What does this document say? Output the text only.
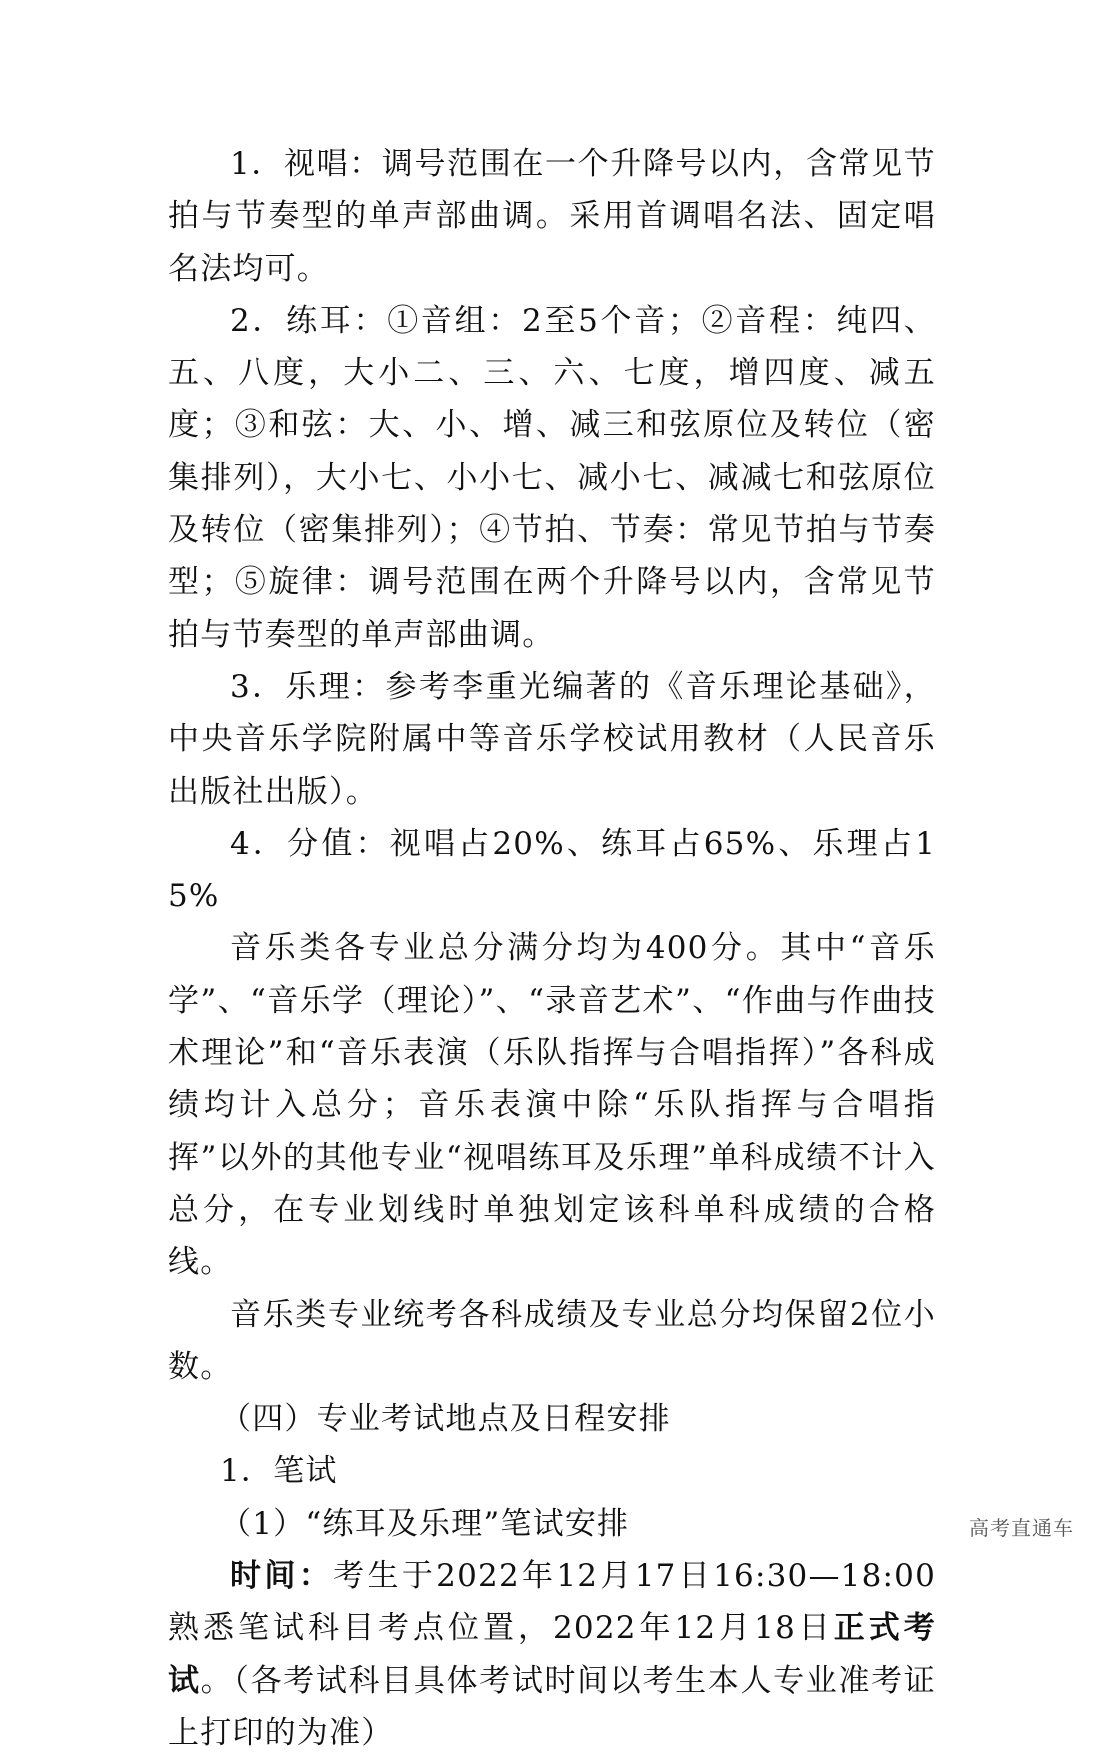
1．视唱：调号范围在一个升降号以内，含常见节拍与节奏型的单声部曲调。采用首调唱名法、固定唱名法均可。

2．练耳：①音组：2至5个音；②音程：纯四、五、八度，大小二、三、六、七度，增四度、减五度；③和弦：大、小、增、减三和弦原位及转位（密集排列），大小七、小小七、减小七、减减七和弦原位及转位（密集排列）；④节拍、节奏：常见节拍与节奏型；⑤旋律：调号范围在两个升降号以内，含常见节拍与节奏型的单声部曲调。

3．乐理：参考李重光编著的《音乐理论基础》，中央音乐学院附属中等音乐学校试用教材（人民音乐出版社出版）。

4．分值：视唱占20%、练耳占65%、乐理占15%

音乐类各专业总分满分均为400分。其中“音乐学”、“音乐学（理论）”、“录音艺术”、“作曲与作曲技术理论”和“音乐表演（乐队指挥与合唱指挥）”各科成绩均计入总分；音乐表演中除“乐队指挥与合唱指挥”以外的其他专业“视唱练耳及乐理”单科成绩不计入总分，在专业划线时单独划定该科单科成绩的合格线。

音乐类专业统考各科成绩及专业总分均保留2位小数。

（四）专业考试地点及日程安排

1．笔试

（1）“练耳及乐理”笔试安排

时间：考生于2022年12月17日16:30—18:00熟悉笔试科目考点位置，2022年12月18日正式考试。（各考试科目具体考试时间以考生本人专业准考证上打印的为准）

高考直通车
